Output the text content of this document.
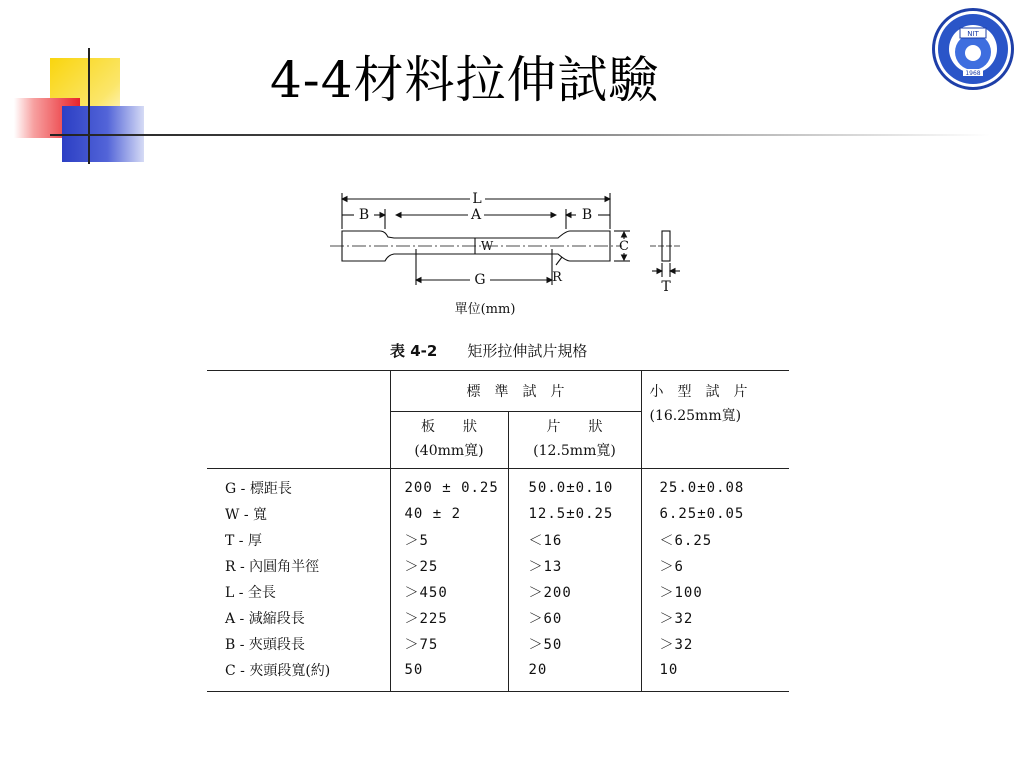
4-4材料拉伸試驗
NIT
1968
L
B	A	B
W
G	R
C
T
單位(mm)
表 4-2 矩形拉伸試片規格
	標　準　試　片		小　型　試　片
(16.25mm寬)

	板　　狀	片　　狀	
	(40mm寬)	(12.5mm寬)	

G - 標距長	200 ± 0.25	50.0±0.10	25.0±0.08
W - 寬	40 ± 2	12.5±0.25	6.25±0.05
T - 厚	＞5	＜16	＜6.25
R - 內圓角半徑	＞25	＞13	＞6
L - 全長	＞450	＞200	＞100
A - 減縮段長	＞225	＞60	＞32
B - 夾頭段長	＞75	＞50	＞32
C - 夾頭段寬(約)	50	20	10
